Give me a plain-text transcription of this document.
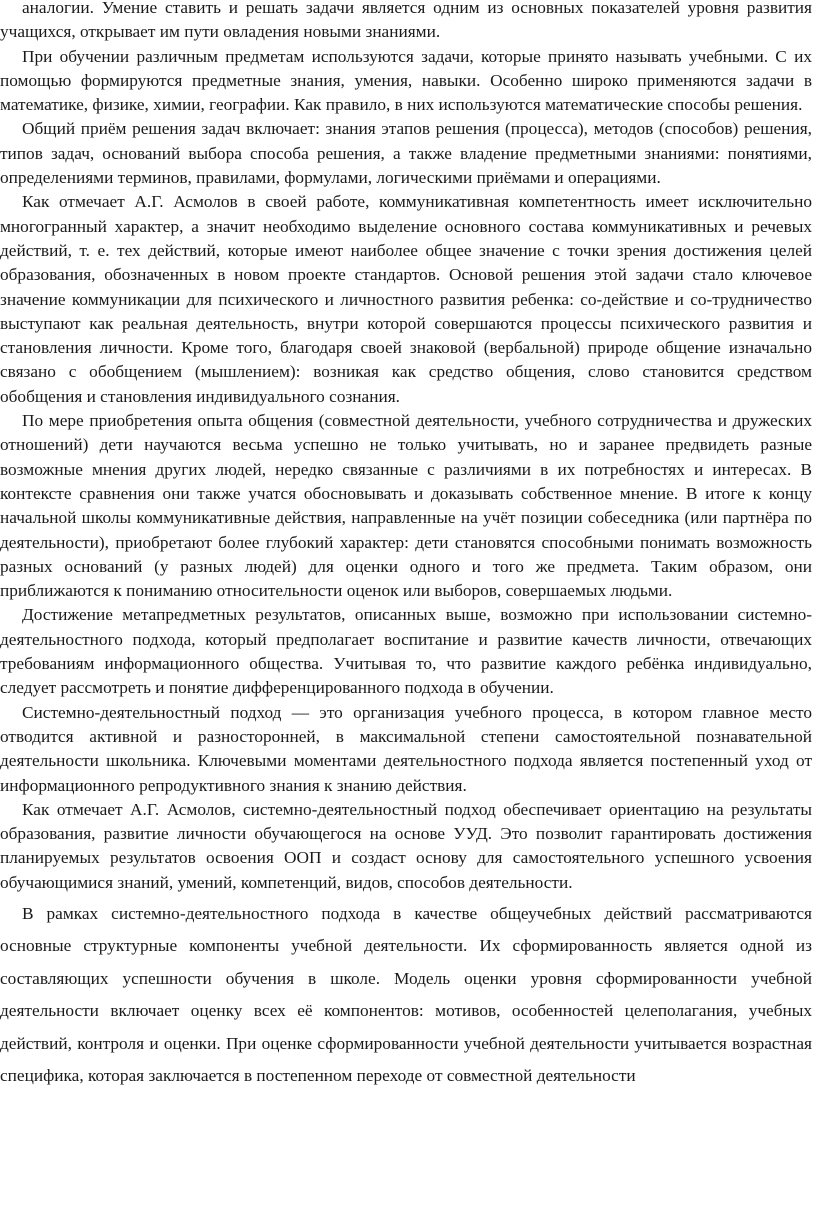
аналогии. Умение ставить и решать задачи является одним из основных показателей уровня развития учащихся, открывает им пути овладения новыми знаниями.

При обучении различным предметам используются задачи, которые принято называть учебными. С их помощью формируются предметные знания, умения, навыки. Особенно широко применяются задачи в математике, физике, химии, географии. Как правило, в них используются математические способы решения.

Общий приём решения задач включает: знания этапов решения (процесса), методов (способов) решения, типов задач, оснований выбора способа решения, а также владение предметными знаниями: понятиями, определениями терминов, правилами, формулами, логическими приёмами и операциями.

Как отмечает А.Г. Асмолов в своей работе, коммуникативная компетентность имеет исключительно многогранный характер, а значит необходимо выделение основного состава коммуникативных и речевых действий, т. е. тех действий, которые имеют наиболее общее значение с точки зрения достижения целей образования, обозначенных в новом проекте стандартов. Основой решения этой задачи стало ключевое значение коммуникации для психического и личностного развития ребенка: со-действие и со-трудничество выступают как реальная деятельность, внутри которой совершаются процессы психического развития и становления личности. Кроме того, благодаря своей знаковой (вербальной) природе общение изначально связано с обобщением (мышлением): возникая как средство общения, слово становится средством обобщения и становления индивидуального сознания.

По мере приобретения опыта общения (совместной деятельности, учебного сотрудничества и дружеских отношений) дети научаются весьма успешно не только учитывать, но и заранее предвидеть разные возможные мнения других людей, нередко связанные с различиями в их потребностях и интересах. В контексте сравнения они также учатся обосновывать и доказывать собственное мнение. В итоге к концу начальной школы коммуникативные действия, направленные на учёт позиции собеседника (или партнёра по деятельности), приобретают более глубокий характер: дети становятся способными понимать возможность разных оснований (у разных людей) для оценки одного и того же предмета. Таким образом, они приближаются к пониманию относительности оценок или выборов, совершаемых людьми.

Достижение метапредметных результатов, описанных выше, возможно при использовании системно-деятельностного подхода, который предполагает воспитание и развитие качеств личности, отвечающих требованиям информационного общества. Учитывая то, что развитие каждого ребёнка индивидуально, следует рассмотреть и понятие дифференцированного подхода в обучении.

Системно-деятельностный подход — это организация учебного процесса, в котором главное место отводится активной и разносторонней, в максимальной степени самостоятельной познавательной деятельности школьника. Ключевыми моментами деятельностного подхода является постепенный уход от информационного репродуктивного знания к знанию действия.

Как отмечает А.Г. Асмолов, системно-деятельностный подход обеспечивает ориентацию на результаты образования, развитие личности обучающегося на основе УУД. Это позволит гарантировать достижения планируемых результатов освоения ООП и создаст основу для самостоятельного успешного усвоения обучающимися знаний, умений, компетенций, видов, способов деятельности.

В рамках системно-деятельностного подхода в качестве общеучебных действий рассматриваются основные структурные компоненты учебной деятельности. Их сформированность является одной из составляющих успешности обучения в школе. Модель оценки уровня сформированности учебной деятельности включает оценку всех её компонентов: мотивов, особенностей целеполагания, учебных действий, контроля и оценки. При оценке сформированности учебной деятельности учитывается возрастная специфика, которая заключается в постепенном переходе от совместной деятельности
